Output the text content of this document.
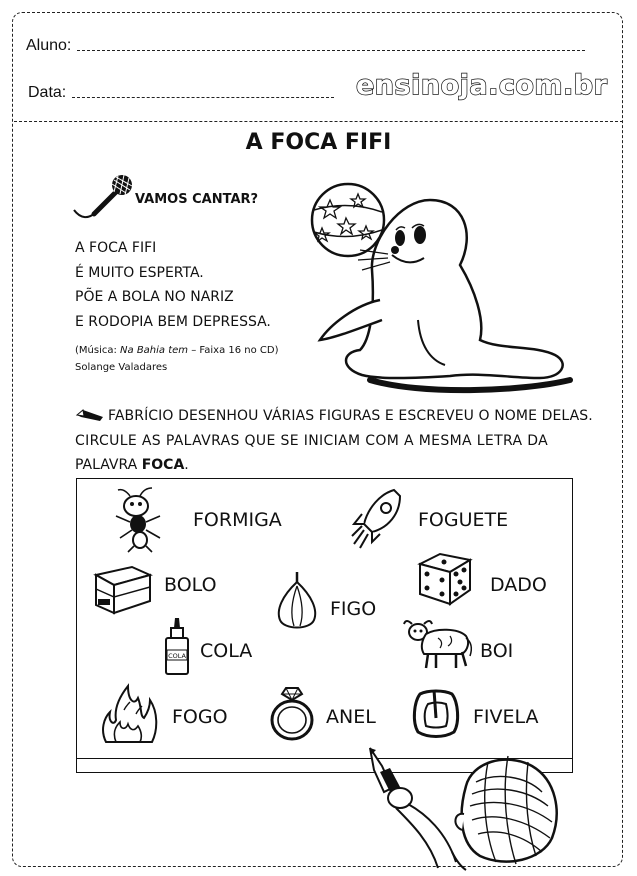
Aluno:
Data:	ensinoja.com.br
A FOCA FIFI
VAMOS CANTAR?
A FOCA FIFI
É MUITO ESPERTA.
PÕE A BOLA NO NARIZ
E RODOPIA BEM DEPRESSA.
(Música: Na Bahia tem – Faixa 16 no CD)
Solange Valadares
FABRÍCIO DESENHOU VÁRIAS FIGURAS E ESCREVEU O NOME DELAS.
CIRCULE AS PALAVRAS QUE SE INICIAM COM A MESMA LETRA DA
PALAVRA FOCA.
FORMIGA	FOGUETE
BOLO
FIGO
DADO
COLA COLA	BOI
FOGO	ANEL	FIVELA
